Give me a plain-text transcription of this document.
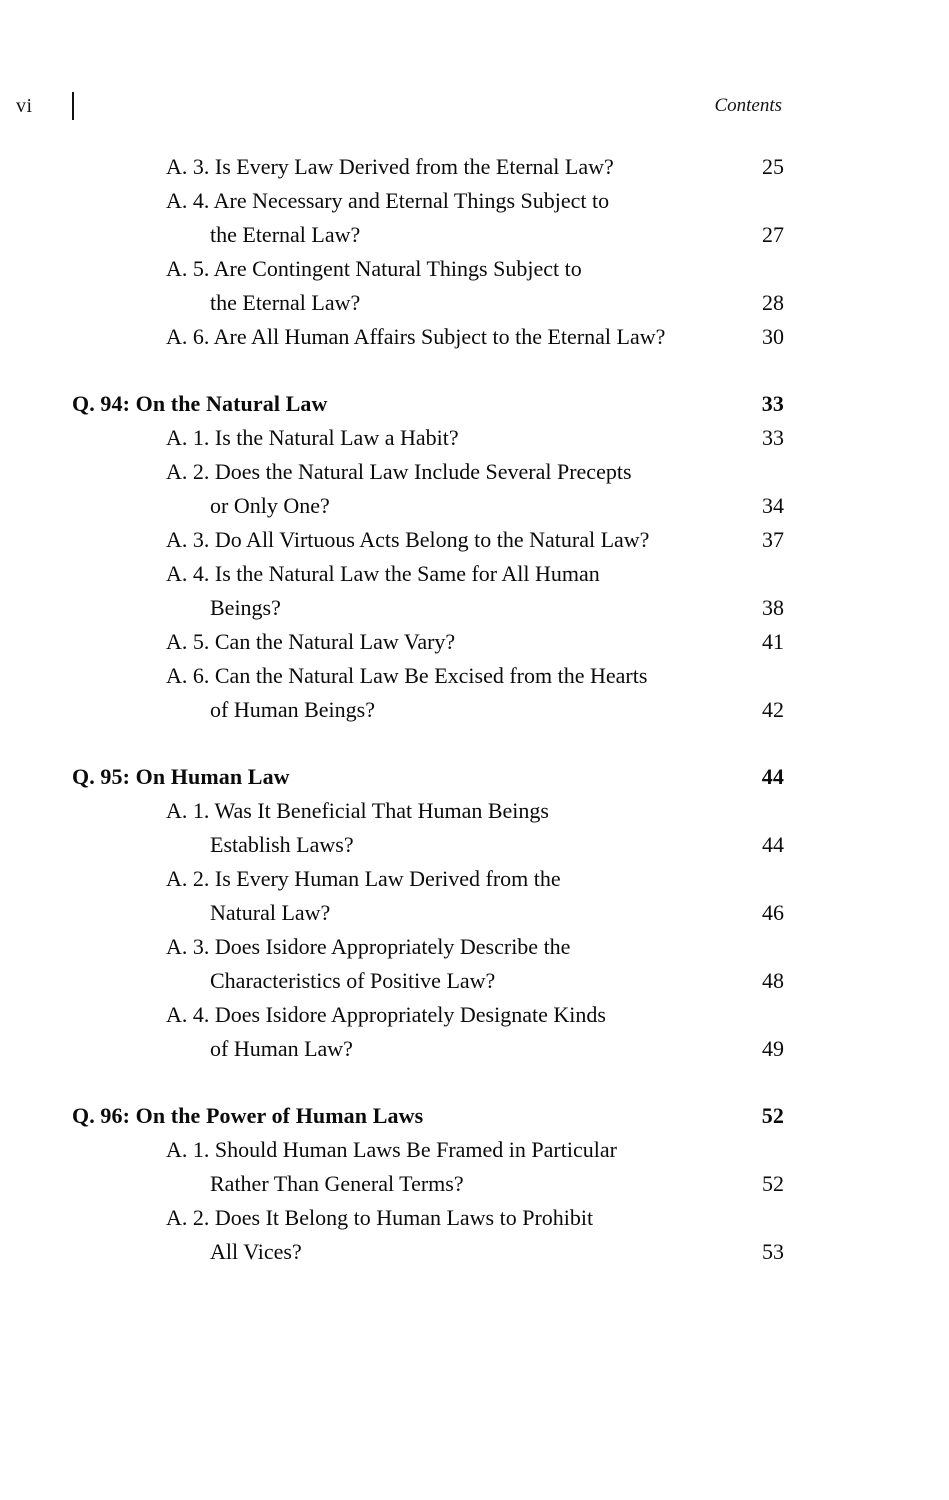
vi	Contents
A. 3. Is Every Law Derived from the Eternal Law?	25
A. 4. Are Necessary and Eternal Things Subject to
the Eternal Law?	27
A. 5. Are Contingent Natural Things Subject to
the Eternal Law?	28
A. 6. Are All Human Affairs Subject to the Eternal Law?	30
Q. 94: On the Natural Law	33
A. 1. Is the Natural Law a Habit?	33
A. 2. Does the Natural Law Include Several Precepts
or Only One?	34
A. 3. Do All Virtuous Acts Belong to the Natural Law?	37
A. 4. Is the Natural Law the Same for All Human
Beings?	38
A. 5. Can the Natural Law Vary?	41
A. 6. Can the Natural Law Be Excised from the Hearts
of Human Beings?	42
Q. 95: On Human Law	44
A. 1. Was It Beneficial That Human Beings
Establish Laws?	44
A. 2. Is Every Human Law Derived from the
Natural Law?	46
A. 3. Does Isidore Appropriately Describe the
Characteristics of Positive Law?	48
A. 4. Does Isidore Appropriately Designate Kinds
of Human Law?	49
Q. 96: On the Power of Human Laws	52
A. 1. Should Human Laws Be Framed in Particular
Rather Than General Terms?	52
A. 2. Does It Belong to Human Laws to Prohibit
All Vices?	53
